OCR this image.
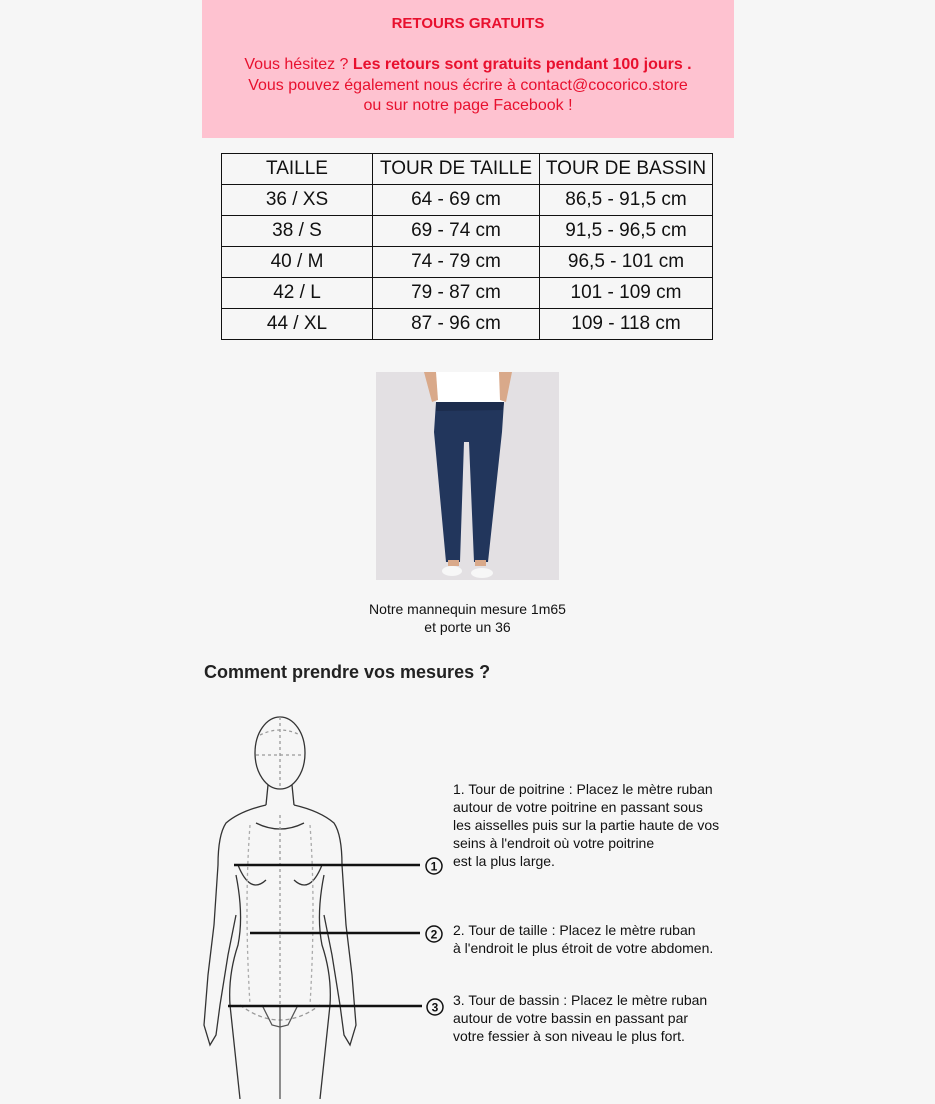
RETOURS GRATUITS
Vous hésitez ? Les retours sont gratuits pendant 100 jours .
Vous pouvez également nous écrire à contact@cocorico.store
ou sur notre page Facebook !
TAILLE	TOUR DE TAILLE	TOUR DE BASSIN
36 / XS	64 - 69 cm	86,5 - 91,5 cm
38 / S	69 - 74 cm	91,5 - 96,5 cm
40 / M	74 - 79 cm	96,5 - 101 cm
42 / L	79 - 87 cm	101 - 109 cm
44 / XL	87 - 96 cm	109 - 118 cm
Notre mannequin mesure 1m65
et porte un 36
Comment prendre vos mesures ?
1
2
3
1. Tour de poitrine : Placez le mètre ruban
autour de votre poitrine en passant sous
les aisselles puis sur la partie haute de vos
seins à l'endroit où votre poitrine
est la plus large.
2. Tour de taille : Placez le mètre ruban
à l'endroit le plus étroit de votre abdomen.
3. Tour de bassin : Placez le mètre ruban
autour de votre bassin en passant par
votre fessier à son niveau le plus fort.
